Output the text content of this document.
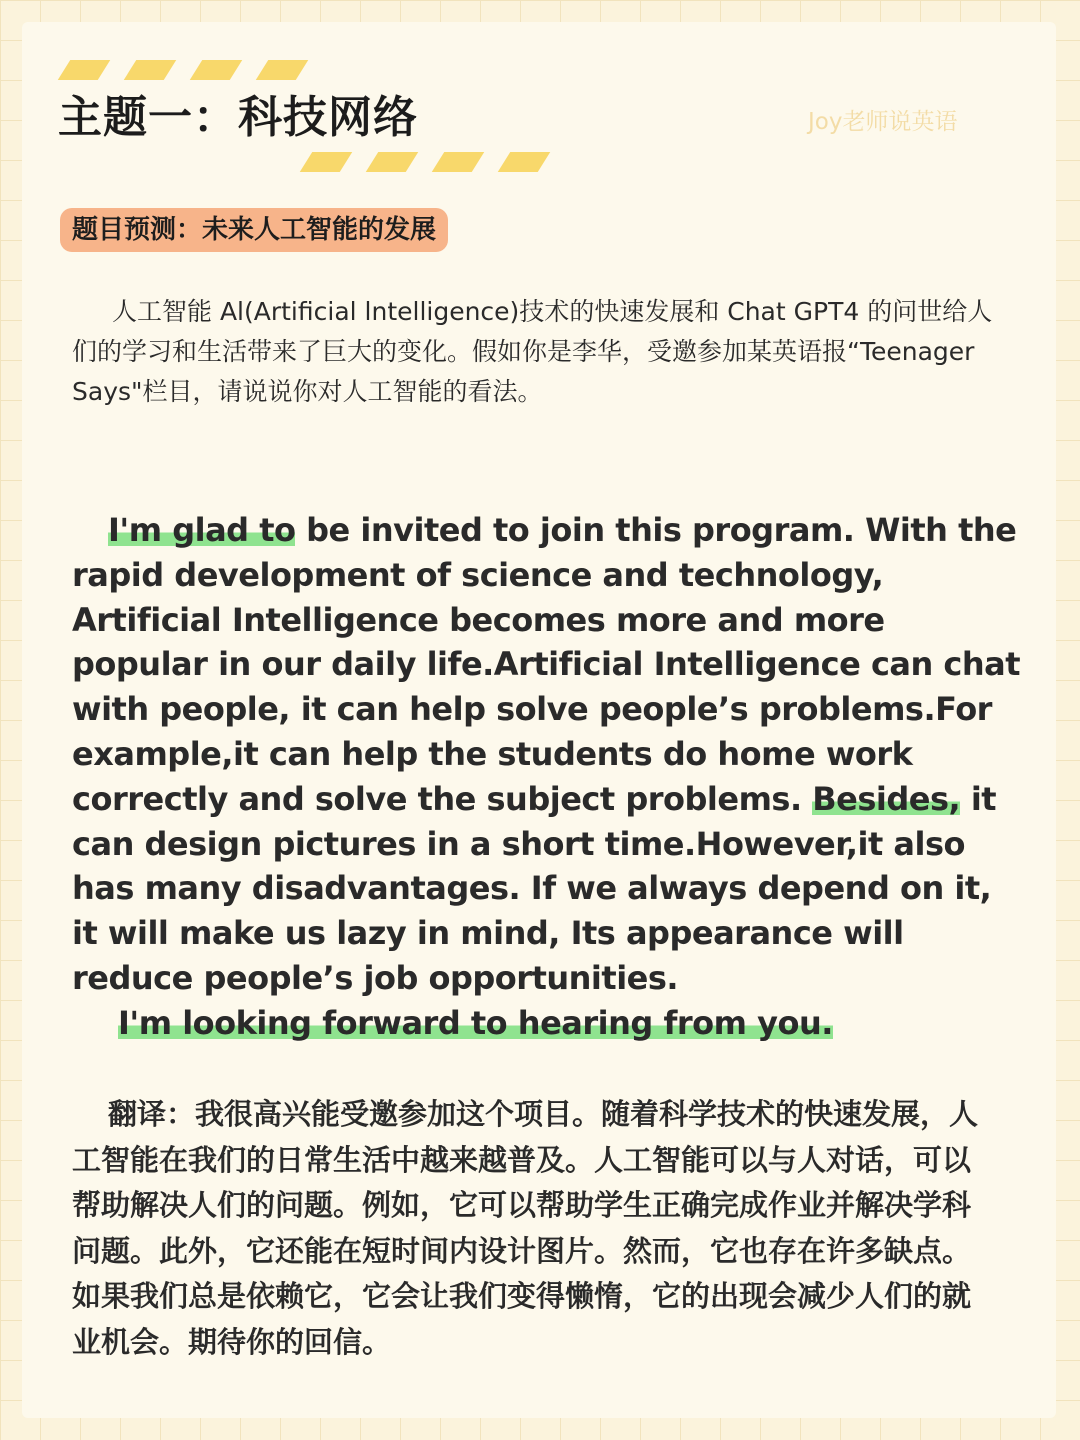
主题一：科技网络	Joy老师说英语
题目预测：未来人工智能的发展

人工智能 Al(Artificial lntelligence)技术的快速发展和 Chat GPT4 的问世给人们的学习和生活带来了巨大的变化。假如你是李华，受邀参加某英语报“Teenager Says"栏目，请说说你对人工智能的看法。

I'm glad to be invited to join this program. With the rapid development of science and technology, Artificial Intelligence becomes more and more popular in our daily life.Artificial Intelligence can chat with people, it can help solve people’s problems.For example,it can help the students do home work correctly and solve the subject problems. Besides, it can design pictures in a short time.However,it also has many disadvantages. If we always depend on it, it will make us lazy in mind, Its appearance will reduce people’s job opportunities.
I'm looking forward to hearing from you.

翻译：我很高兴能受邀参加这个项目。随着科学技术的快速发展，人工智能在我们的日常生活中越来越普及。人工智能可以与人对话，可以帮助解决人们的问题。例如，它可以帮助学生正确完成作业并解决学科问题。此外，它还能在短时间内设计图片。然而，它也存在许多缺点。如果我们总是依赖它，它会让我们变得懒惰，它的出现会减少人们的就业机会。期待你的回信。
